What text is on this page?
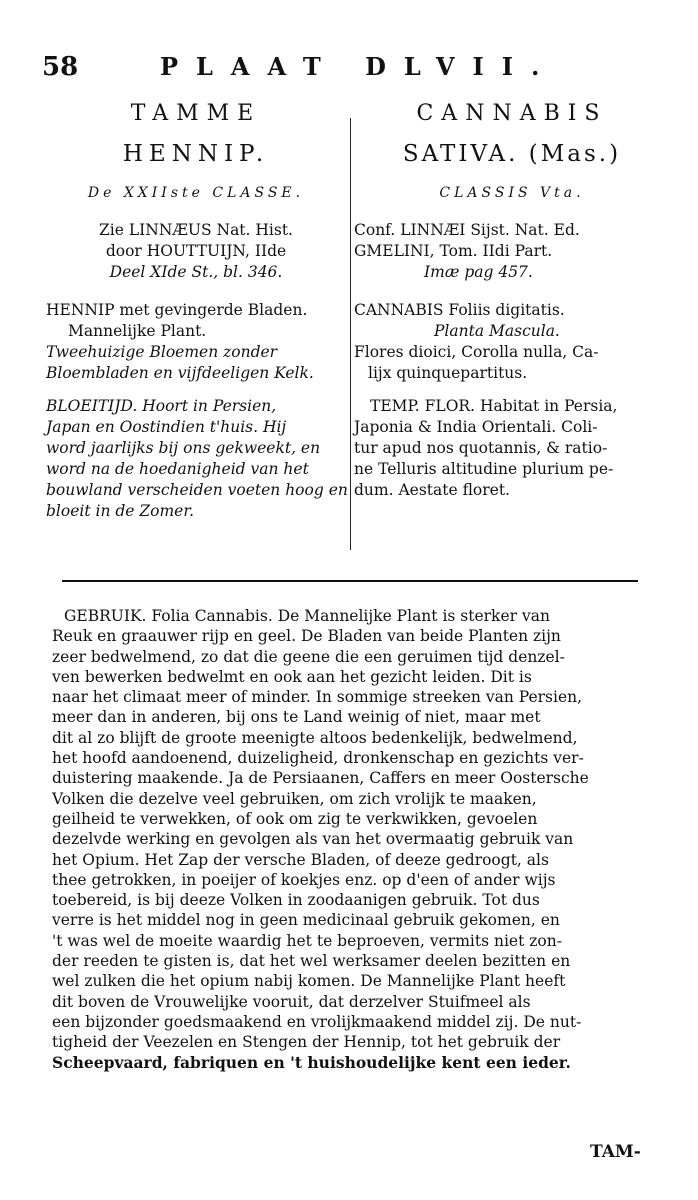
58	PLAAT DLVII.
TAMME
HENNIP.
De XXIIste CLASSE.
Zie LINNÆUS Nat. Hist.
door HOUTTUIJN, IIde
Deel XIde St., bl. 346.
HENNIP met gevingerde Bladen.
Mannelijke Plant.
Tweehuizige Bloemen zonder
Bloembladen en vijfdeeligen Kelk.
BLOEITIJD. Hoort in Persien,
Japan en Oostindien t'huis. Hij
word jaarlijks bij ons gekweekt, en
word na de hoedanigheid van het
bouwland verscheiden voeten hoog en
bloeit in de Zomer.
CANNABIS
SATIVA. (Mas.)
CLASSIS Vta.
Conf. LINNÆI Sijst. Nat. Ed.
GMELINI, Tom. IIdi Part.
Imæ pag 457.
CANNABIS Foliis digitatis.
Planta Mascula.
Flores dioici, Corolla nulla, Ca-
lijx quinquepartitus.
TEMP. FLOR. Habitat in Persia,
Japonia & India Orientali. Coli-
tur apud nos quotannis, & ratio-
ne Telluris altitudine plurium pe-
dum. Aestate floret.
GEBRUIK. Folia Cannabis. De Mannelijke Plant is sterker van
Reuk en graauwer rijp en geel. De Bladen van beide Planten zijn
zeer bedwelmend, zo dat die geene die een geruimen tijd denzel-
ven bewerken bedwelmt en ook aan het gezicht leiden. Dit is
naar het climaat meer of minder. In sommige streeken van Persien,
meer dan in anderen, bij ons te Land weinig of niet, maar met
dit al zo blijft de groote meenigte altoos bedenkelijk, bedwelmend,
het hoofd aandoenend, duizeligheid, dronkenschap en gezichts ver-
duistering maakende. Ja de Persiaanen, Caffers en meer Oostersche
Volken die dezelve veel gebruiken, om zich vrolijk te maaken,
geilheid te verwekken, of ook om zig te verkwikken, gevoelen
dezelvde werking en gevolgen als van het overmaatig gebruik van
het Opium. Het Zap der versche Bladen, of deeze gedroogt, als
thee getrokken, in poeijer of koekjes enz. op d'een of ander wijs
toebereid, is bij deeze Volken in zoodaanigen gebruik. Tot dus
verre is het middel nog in geen medicinaal gebruik gekomen, en
't was wel de moeite waardig het te beproeven, vermits niet zon-
der reeden te gisten is, dat het wel werksamer deelen bezitten en
wel zulken die het opium nabij komen. De Mannelijke Plant heeft
dit boven de Vrouwelijke vooruit, dat derzelver Stuifmeel als
een bijzonder goedsmaakend en vrolijkmaakend middel zij. De nut-
tigheid der Veezelen en Stengen der Hennip, tot het gebruik der
Scheepvaard, fabriquen en 't huishoudelijke kent een ieder.
TAM-
